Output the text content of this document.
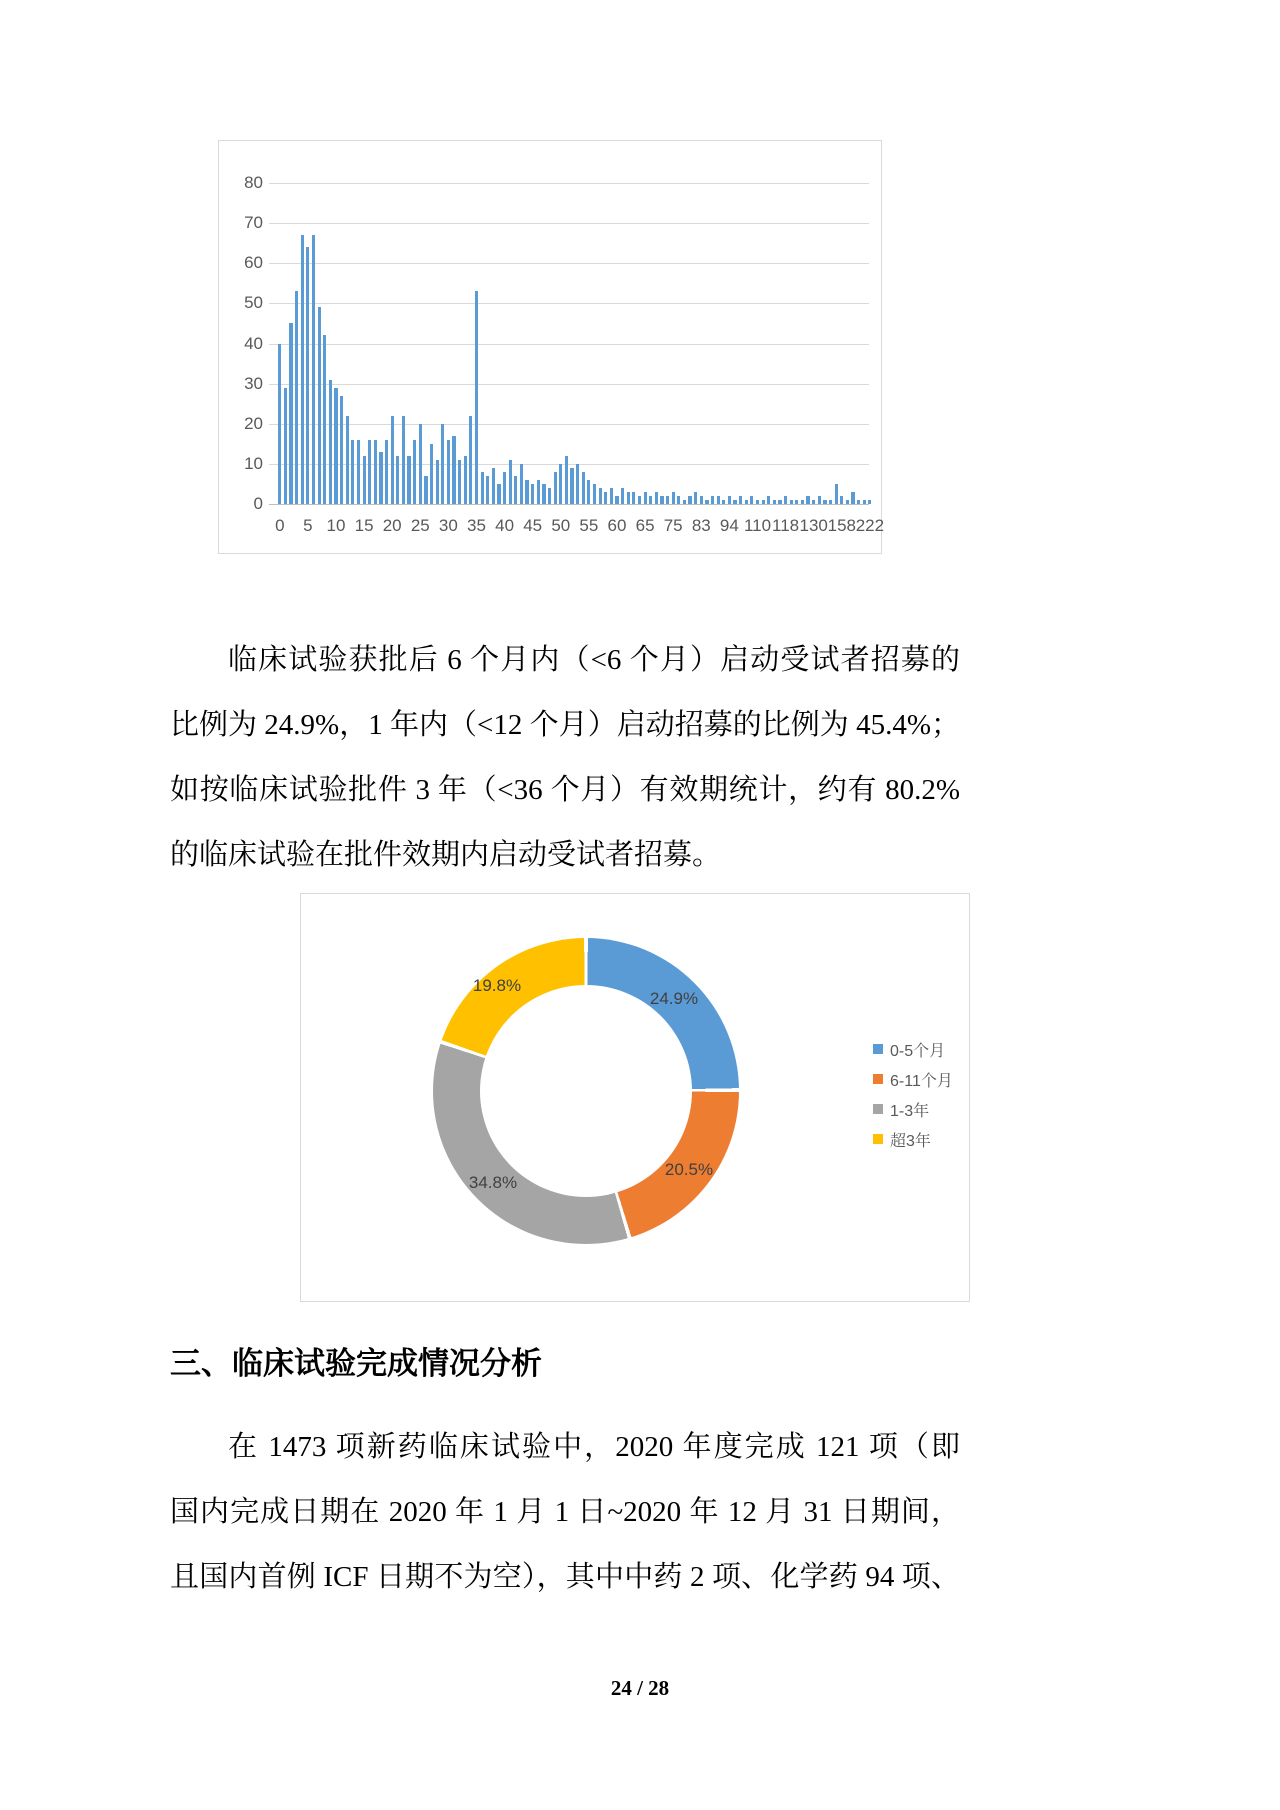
80
70
60
50
40
30
20
10
0
0 5 10 15 20 25 30 35 40 45 50 55 60 65 75 83 94 110 118 130 158 222
临床试验获批后 6 个月内（<6 个月）启动受试者招募的
比例为 24.9%，1 年内（<12 个月）启动招募的比例为 45.4%；
如按临床试验批件 3 年（<36 个月）有效期统计，约有 80.2%
的临床试验在批件效期内启动受试者招募。
0-5个月
6-11个月
1-3年
超3年
24.9%
20.5%
34.8%
19.8%
三、临床试验完成情况分析
在 1473 项新药临床试验中，2020 年度完成 121 项（即
国内完成日期在 2020 年 1 月 1 日~2020 年 12 月 31 日期间，
且国内首例 ICF 日期不为空），其中中药 2 项、化学药 94 项、
24 / 28
